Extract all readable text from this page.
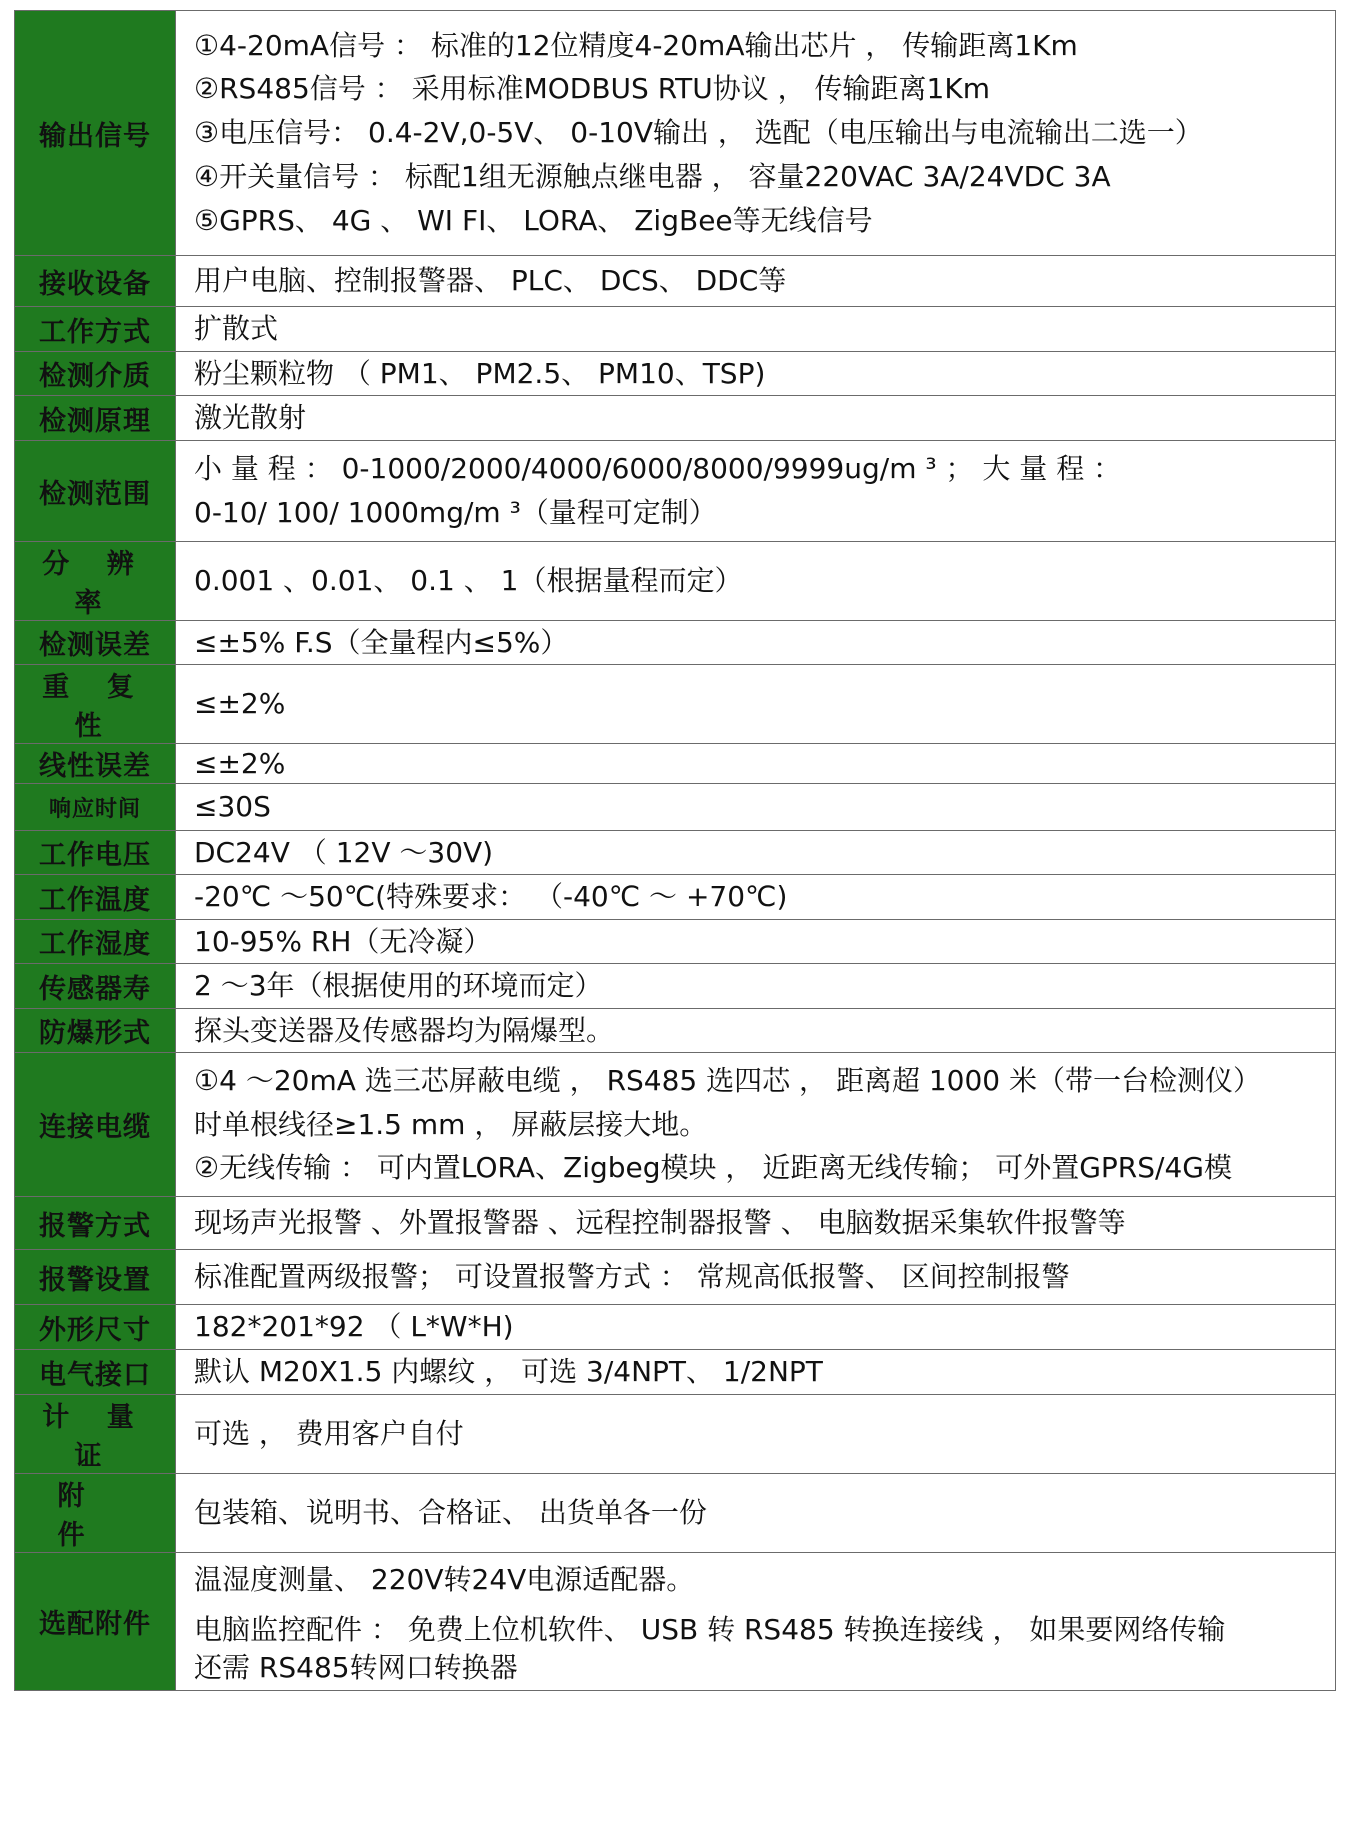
输出信号	①4-20mA信号 ： 标准的12位精度4-20mA输出芯片 ， 传输距离1Km
②RS485信号 ： 采用标准MODBUS RTU协议 ， 传输距离1Km
③电压信号： 0.4-2V,0-5V、 0-10V输出 ， 选配（电压输出与电流输出二选一）
④开关量信号 ： 标配1组无源触点继电器 ， 容量220VAC 3A/24VDC 3A
⑤GPRS、 4G 、 WI FI、 LORA、 ZigBee等无线信号

接收设备	用户电脑、控制报警器、 PLC、 DCS、 DDC等

工作方式	扩散式

检测介质	粉尘颗粒物 （ PM1、 PM2.5、 PM10、TSP)

检测原理	激光散射

检测范围	小 量 程 ： 0-1000/2000/4000/6000/8000/9999ug/m ³ ； 大 量 程 ：
0-10/ 100/ 1000mg/m ³（量程可定制）

分 辨 率	0.001 、0.01、 0.1 、 1（根据量程而定）

检测误差	≤±5% F.S（全量程内≤5%）

重 复 性	≤±2%

线性误差	≤±2%

响应时间	≤30S

工作电压	DC24V （ 12V ～30V)

工作温度	-20℃ ～50℃(特殊要求： （-40℃ ～ +70℃)

工作湿度	10-95% RH（无冷凝）

传感器寿	2 ～3年（根据使用的环境而定）

防爆形式	探头变送器及传感器均为隔爆型。

连接电缆	①4 ～20mA 选三芯屏蔽电缆 ， RS485 选四芯 ， 距离超 1000 米（带一台检测仪）
时单根线径≥1.5 mm ， 屏蔽层接大地。
②无线传输 ： 可内置LORA、Zigbeg模块 ， 近距离无线传输； 可外置GPRS/4G模

报警方式	现场声光报警 、外置报警器 、远程控制器报警 、 电脑数据采集软件报警等

报警设置	标准配置两级报警； 可设置报警方式 ： 常规高低报警、 区间控制报警

外形尺寸	182*201*92 （ L*W*H)

电气接口	默认 M20X1.5 内螺纹 ， 可选 3/4NPT、 1/2NPT

计 量 证	可选 ， 费用客户自付

附 件	包装箱、说明书、合格证、 出货单各一份

选配附件	温湿度测量、 220V转24V电源适配器。
电脑监控配件 ： 免费上位机软件、 USB 转 RS485 转换连接线 ， 如果要网络传输
还需 RS485转网口转换器
